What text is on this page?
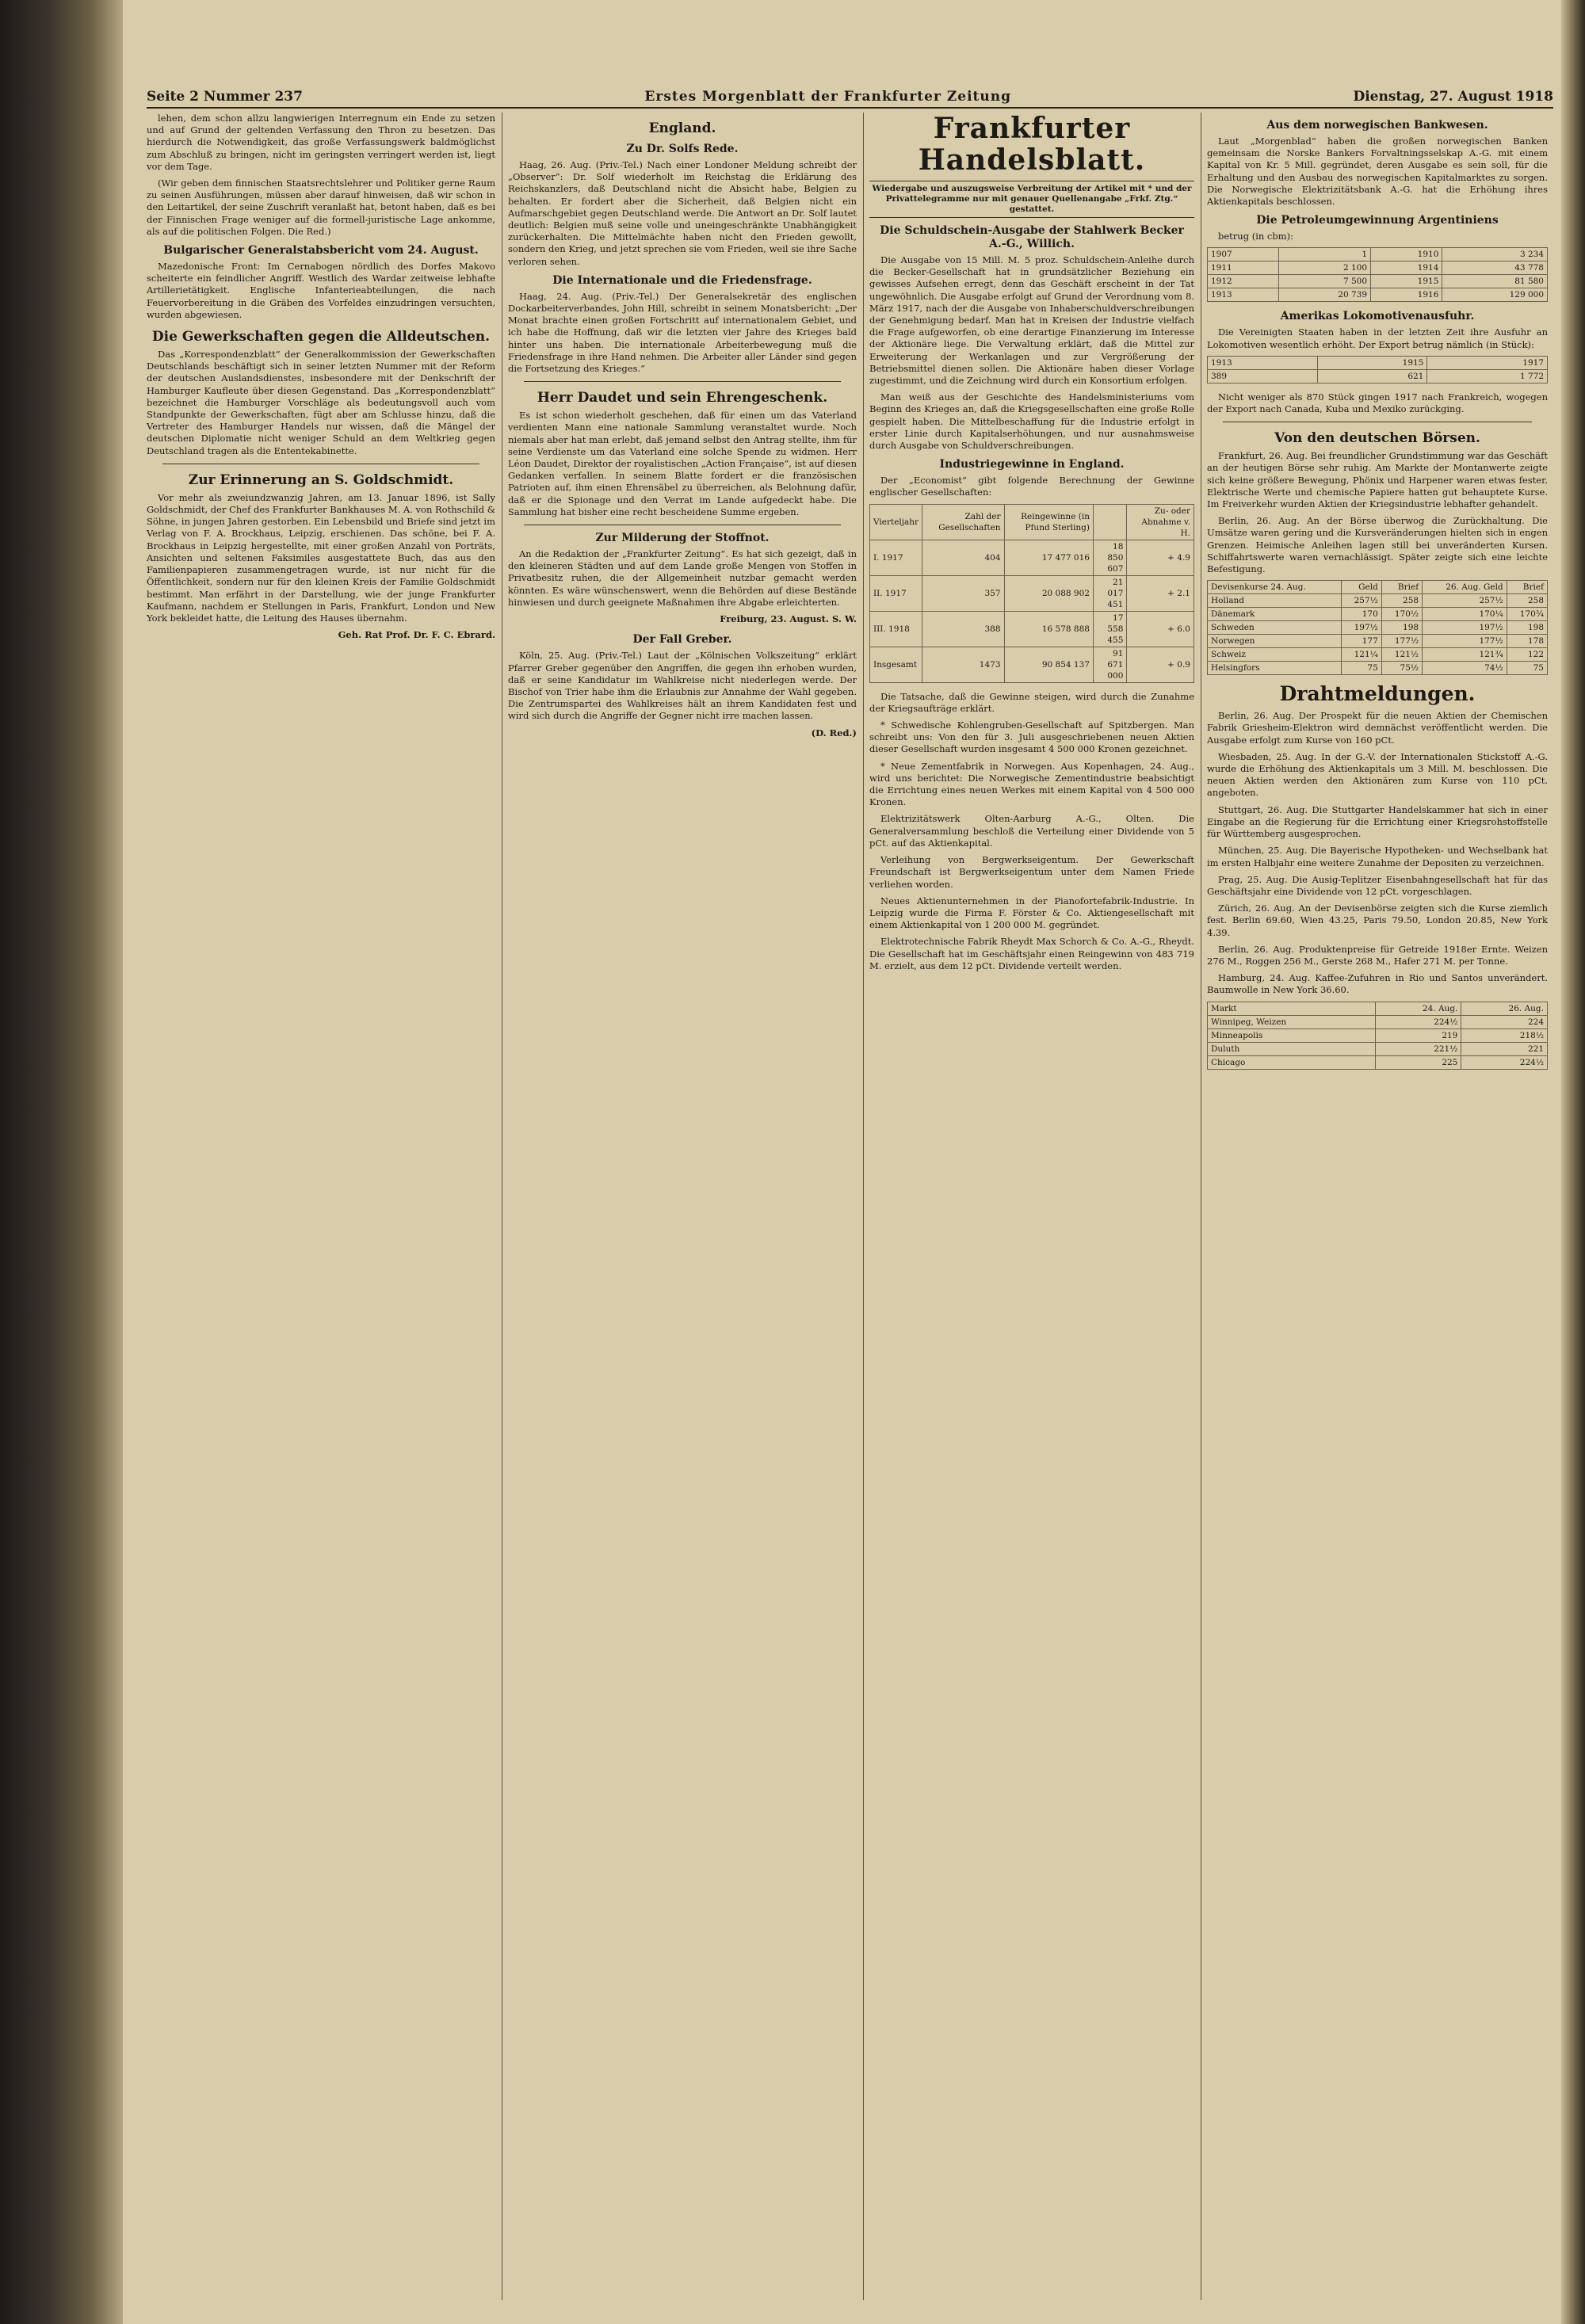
Seite 2 Nummer 237	Erstes Morgenblatt der Frankfurter Zeitung	Dienstag, 27. August 1918

lehen, dem schon allzu langwierigen Interregnum ein Ende zu setzen und auf Grund der geltenden Verfassung den Thron zu besetzen. Das hierdurch die Notwendigkeit, das große Verfassungswerk baldmöglichst zum Abschluß zu bringen, nicht im geringsten verringert werden ist, liegt vor dem Tage.

(Wir geben dem finnischen Staatsrechtslehrer und Politiker gerne Raum zu seinen Ausführungen, müssen aber darauf hinweisen, daß wir schon in den Leitartikel, der seine Zuschrift veranlaßt hat, betont haben, daß es bei der Finnischen Frage weniger auf die formell-juristische Lage ankomme, als auf die politischen Folgen. Die Red.)

Bulgarischer Generalstabsbericht vom 24. August.

Mazedonische Front: Im Cernabogen nördlich des Dorfes Makovo scheiterte ein feindlicher Angriff. Westlich des Wardar zeitweise lebhafte Artillerietätigkeit. Englische Infanterieabteilungen, die nach Feuervorbereitung in die Gräben des Vorfeldes einzudringen versuchten, wurden abgewiesen.

Die Gewerkschaften gegen die Alldeutschen.

Das „Korrespondenzblatt“ der Generalkommission der Gewerkschaften Deutschlands beschäftigt sich in seiner letzten Nummer mit der Reform der deutschen Auslandsdienstes, insbesondere mit der Denkschrift der Hamburger Kaufleute über diesen Gegenstand. Das „Korrespondenzblatt“ bezeichnet die Hamburger Vorschläge als bedeutungsvoll auch vom Standpunkte der Gewerkschaften, fügt aber am Schlusse hinzu, daß die Vertreter des Hamburger Handels nur wissen, daß die Mängel der deutschen Diplomatie nicht weniger Schuld an dem Weltkrieg gegen Deutschland tragen als die Ententekabinette.

Zur Erinnerung an S. Goldschmidt.

Vor mehr als zweiundzwanzig Jahren, am 13. Januar 1896, ist Sally Goldschmidt, der Chef des Frankfurter Bankhauses M. A. von Rothschild & Söhne, in jungen Jahren gestorben. Ein Lebensbild und Briefe sind jetzt im Verlag von F. A. Brockhaus, Leipzig, erschienen. Das schöne, bei F. A. Brockhaus in Leipzig hergestellte, mit einer großen Anzahl von Porträts, Ansichten und seltenen Faksimiles ausgestattete Buch, das aus den Familienpapieren zusammengetragen wurde, ist nur nicht für die Öffentlichkeit, sondern nur für den kleinen Kreis der Familie Goldschmidt bestimmt. Man erfährt in der Darstellung, wie der junge Frankfurter Kaufmann, nachdem er Stellungen in Paris, Frankfurt, London und New York bekleidet hatte, die Leitung des Hauses übernahm.

Geh. Rat Prof. Dr. F. C. Ebrard.

England.
Zu Dr. Solfs Rede.

Haag, 26. Aug. (Priv.-Tel.) Nach einer Londoner Meldung schreibt der „Observer“: Dr. Solf wiederholt im Reichstag die Erklärung des Reichskanzlers, daß Deutschland nicht die Absicht habe, Belgien zu behalten. Er fordert aber die Sicherheit, daß Belgien nicht ein Aufmarschgebiet gegen Deutschland werde. Die Antwort an Dr. Solf lautet deutlich: Belgien muß seine volle und uneingeschränkte Unabhängigkeit zurückerhalten. Die Mittelmächte haben nicht den Frieden gewollt, sondern den Krieg, und jetzt sprechen sie vom Frieden, weil sie ihre Sache verloren sehen.

Die Internationale und die Friedensfrage.

Haag, 24. Aug. (Priv.-Tel.) Der Generalsekretär des englischen Dockarbeiterverbandes, John Hill, schreibt in seinem Monatsbericht: „Der Monat brachte einen großen Fortschritt auf internationalem Gebiet, und ich habe die Hoffnung, daß wir die letzten vier Jahre des Krieges bald hinter uns haben. Die internationale Arbeiterbewegung muß die Friedensfrage in ihre Hand nehmen. Die Arbeiter aller Länder sind gegen die Fortsetzung des Krieges.“

Herr Daudet und sein Ehrengeschenk.

Es ist schon wiederholt geschehen, daß für einen um das Vaterland verdienten Mann eine nationale Sammlung veranstaltet wurde. Noch niemals aber hat man erlebt, daß jemand selbst den Antrag stellte, ihm für seine Verdienste um das Vaterland eine solche Spende zu widmen. Herr Léon Daudet, Direktor der royalistischen „Action Française“, ist auf diesen Gedanken verfallen. In seinem Blatte fordert er die französischen Patrioten auf, ihm einen Ehrensäbel zu überreichen, als Belohnung dafür, daß er die Spionage und den Verrat im Lande aufgedeckt habe. Die Sammlung hat bisher eine recht bescheidene Summe ergeben.

Zur Milderung der Stoffnot.

An die Redaktion der „Frankfurter Zeitung“. Es hat sich gezeigt, daß in den kleineren Städten und auf dem Lande große Mengen von Stoffen in Privatbesitz ruhen, die der Allgemeinheit nutzbar gemacht werden könnten. Es wäre wünschenswert, wenn die Behörden auf diese Bestände hinwiesen und durch geeignete Maßnahmen ihre Abgabe erleichterten.

Freiburg, 23. August. S. W.

Der Fall Greber.

Köln, 25. Aug. (Priv.-Tel.) Laut der „Kölnischen Volkszeitung“ erklärt Pfarrer Greber gegenüber den Angriffen, die gegen ihn erhoben wurden, daß er seine Kandidatur im Wahlkreise nicht niederlegen werde. Der Bischof von Trier habe ihm die Erlaubnis zur Annahme der Wahl gegeben. Die Zentrumspartei des Wahlkreises hält an ihrem Kandidaten fest und wird sich durch die Angriffe der Gegner nicht irre machen lassen.

(D. Red.)

Frankfurter Handelsblatt.
Wiedergabe und auszugsweise Verbreitung der Artikel mit * und der Privattelegramme nur mit genauer Quellenangabe „Frkf. Ztg.“ gestattet.
Die Schuldschein-Ausgabe der Stahlwerk Becker A.-G., Willich.

Die Ausgabe von 15 Mill. M. 5 proz. Schuldschein-Anleihe durch die Becker-Gesellschaft hat in grundsätzlicher Beziehung ein gewisses Aufsehen erregt, denn das Geschäft erscheint in der Tat ungewöhnlich. Die Ausgabe erfolgt auf Grund der Verordnung vom 8. März 1917, nach der die Ausgabe von Inhaberschuldverschreibungen der Genehmigung bedarf. Man hat in Kreisen der Industrie vielfach die Frage aufgeworfen, ob eine derartige Finanzierung im Interesse der Aktionäre liege. Die Verwaltung erklärt, daß die Mittel zur Erweiterung der Werkanlagen und zur Vergrößerung der Betriebsmittel dienen sollen. Die Aktionäre haben dieser Vorlage zugestimmt, und die Zeichnung wird durch ein Konsortium erfolgen.

Man weiß aus der Geschichte des Handelsministeriums vom Beginn des Krieges an, daß die Kriegsgesellschaften eine große Rolle gespielt haben. Die Mittelbeschaffung für die Industrie erfolgt in erster Linie durch Kapitalserhöhungen, und nur ausnahmsweise durch Ausgabe von Schuldverschreibungen.

Industriegewinne in England.

Der „Economist“ gibt folgende Berechnung der Gewinne englischer Gesellschaften:

Vierteljahr	Zahl der Gesellschaften	Reingewinne (in Pfund Sterling)		Zu- oder Abnahme v. H.
I. 1917	404	17 477 016	18 850 607	+ 4.9
II. 1917	357	20 088 902	21 017 451	+ 2.1
III. 1918	388	16 578 888	17 558 455	+ 6.0
Insgesamt	1473	90 854 137	91 671 000	+ 0.9

Die Tatsache, daß die Gewinne steigen, wird durch die Zunahme der Kriegsaufträge erklärt.

* Schwedische Kohlengruben-Gesellschaft auf Spitzbergen. Man schreibt uns: Von den für 3. Juli ausgeschriebenen neuen Aktien dieser Gesellschaft wurden insgesamt 4 500 000 Kronen gezeichnet.

* Neue Zementfabrik in Norwegen. Aus Kopenhagen, 24. Aug., wird uns berichtet: Die Norwegische Zementindustrie beabsichtigt die Errichtung eines neuen Werkes mit einem Kapital von 4 500 000 Kronen.

Elektrizitätswerk Olten-Aarburg A.-G., Olten. Die Generalversammlung beschloß die Verteilung einer Dividende von 5 pCt. auf das Aktienkapital.

Verleihung von Bergwerkseigentum. Der Gewerkschaft Freundschaft ist Bergwerkseigentum unter dem Namen Friede verliehen worden.

Neues Aktienunternehmen in der Pianofortefabrik-Industrie. In Leipzig wurde die Firma F. Förster & Co. Aktiengesellschaft mit einem Aktienkapital von 1 200 000 M. gegründet.

Elektrotechnische Fabrik Rheydt Max Schorch & Co. A.-G., Rheydt. Die Gesellschaft hat im Geschäftsjahr einen Reingewinn von 483 719 M. erzielt, aus dem 12 pCt. Dividende verteilt werden.

Aus dem norwegischen Bankwesen.

Laut „Morgenblad“ haben die großen norwegischen Banken gemeinsam die Norske Bankers Forvaltningsselskap A.-G. mit einem Kapital von Kr. 5 Mill. gegründet, deren Ausgabe es sein soll, für die Erhaltung und den Ausbau des norwegischen Kapitalmarktes zu sorgen. Die Norwegische Elektrizitätsbank A.-G. hat die Erhöhung ihres Aktienkapitals beschlossen.

Die Petroleumgewinnung Argentiniens

betrug (in cbm):

1907	1	1910	3 234
1911	2 100	1914	43 778
1912	7 500	1915	81 580
1913	20 739	1916	129 000
Amerikas Lokomotivenausfuhr.

Die Vereinigten Staaten haben in der letzten Zeit ihre Ausfuhr an Lokomotiven wesentlich erhöht. Der Export betrug nämlich (in Stück):

1913	1915	1917
389	621	1 772

Nicht weniger als 870 Stück gingen 1917 nach Frankreich, wogegen der Export nach Canada, Kuba und Mexiko zurückging.

Von den deutschen Börsen.

Frankfurt, 26. Aug. Bei freundlicher Grundstimmung war das Geschäft an der heutigen Börse sehr ruhig. Am Markte der Montanwerte zeigte sich keine größere Bewegung, Phönix und Harpener waren etwas fester. Elektrische Werte und chemische Papiere hatten gut behauptete Kurse. Im Freiverkehr wurden Aktien der Kriegsindustrie lebhafter gehandelt.

Berlin, 26. Aug. An der Börse überwog die Zurückhaltung. Die Umsätze waren gering und die Kursveränderungen hielten sich in engen Grenzen. Heimische Anleihen lagen still bei unveränderten Kursen. Schiffahrtswerte waren vernachlässigt. Später zeigte sich eine leichte Befestigung.

Devisenkurse 24. Aug.	Geld	Brief	26. Aug. Geld	Brief
Holland	257½	258	257½	258
Dänemark	170	170½	170¼	170¾
Schweden	197½	198	197½	198
Norwegen	177	177½	177½	178
Schweiz	121¼	121½	121¾	122
Helsingfors	75	75½	74½	75
Drahtmeldungen.

Berlin, 26. Aug. Der Prospekt für die neuen Aktien der Chemischen Fabrik Griesheim-Elektron wird demnächst veröffentlicht werden. Die Ausgabe erfolgt zum Kurse von 160 pCt.

Wiesbaden, 25. Aug. In der G.-V. der Internationalen Stickstoff A.-G. wurde die Erhöhung des Aktienkapitals um 3 Mill. M. beschlossen. Die neuen Aktien werden den Aktionären zum Kurse von 110 pCt. angeboten.

Stuttgart, 26. Aug. Die Stuttgarter Handelskammer hat sich in einer Eingabe an die Regierung für die Errichtung einer Kriegsrohstoffstelle für Württemberg ausgesprochen.

München, 25. Aug. Die Bayerische Hypotheken- und Wechselbank hat im ersten Halbjahr eine weitere Zunahme der Depositen zu verzeichnen.

Prag, 25. Aug. Die Ausig-Teplitzer Eisenbahngesellschaft hat für das Geschäftsjahr eine Dividende von 12 pCt. vorgeschlagen.

Zürich, 26. Aug. An der Devisenbörse zeigten sich die Kurse ziemlich fest. Berlin 69.60, Wien 43.25, Paris 79.50, London 20.85, New York 4.39.

Berlin, 26. Aug. Produktenpreise für Getreide 1918er Ernte. Weizen 276 M., Roggen 256 M., Gerste 268 M., Hafer 271 M. per Tonne.

Hamburg, 24. Aug. Kaffee-Zufuhren in Rio und Santos unverändert. Baumwolle in New York 36.60.

Markt	24. Aug.	26. Aug.
Winnipeg, Weizen	224½	224
Minneapolis	219	218½
Duluth	221½	221
Chicago	225	224½
